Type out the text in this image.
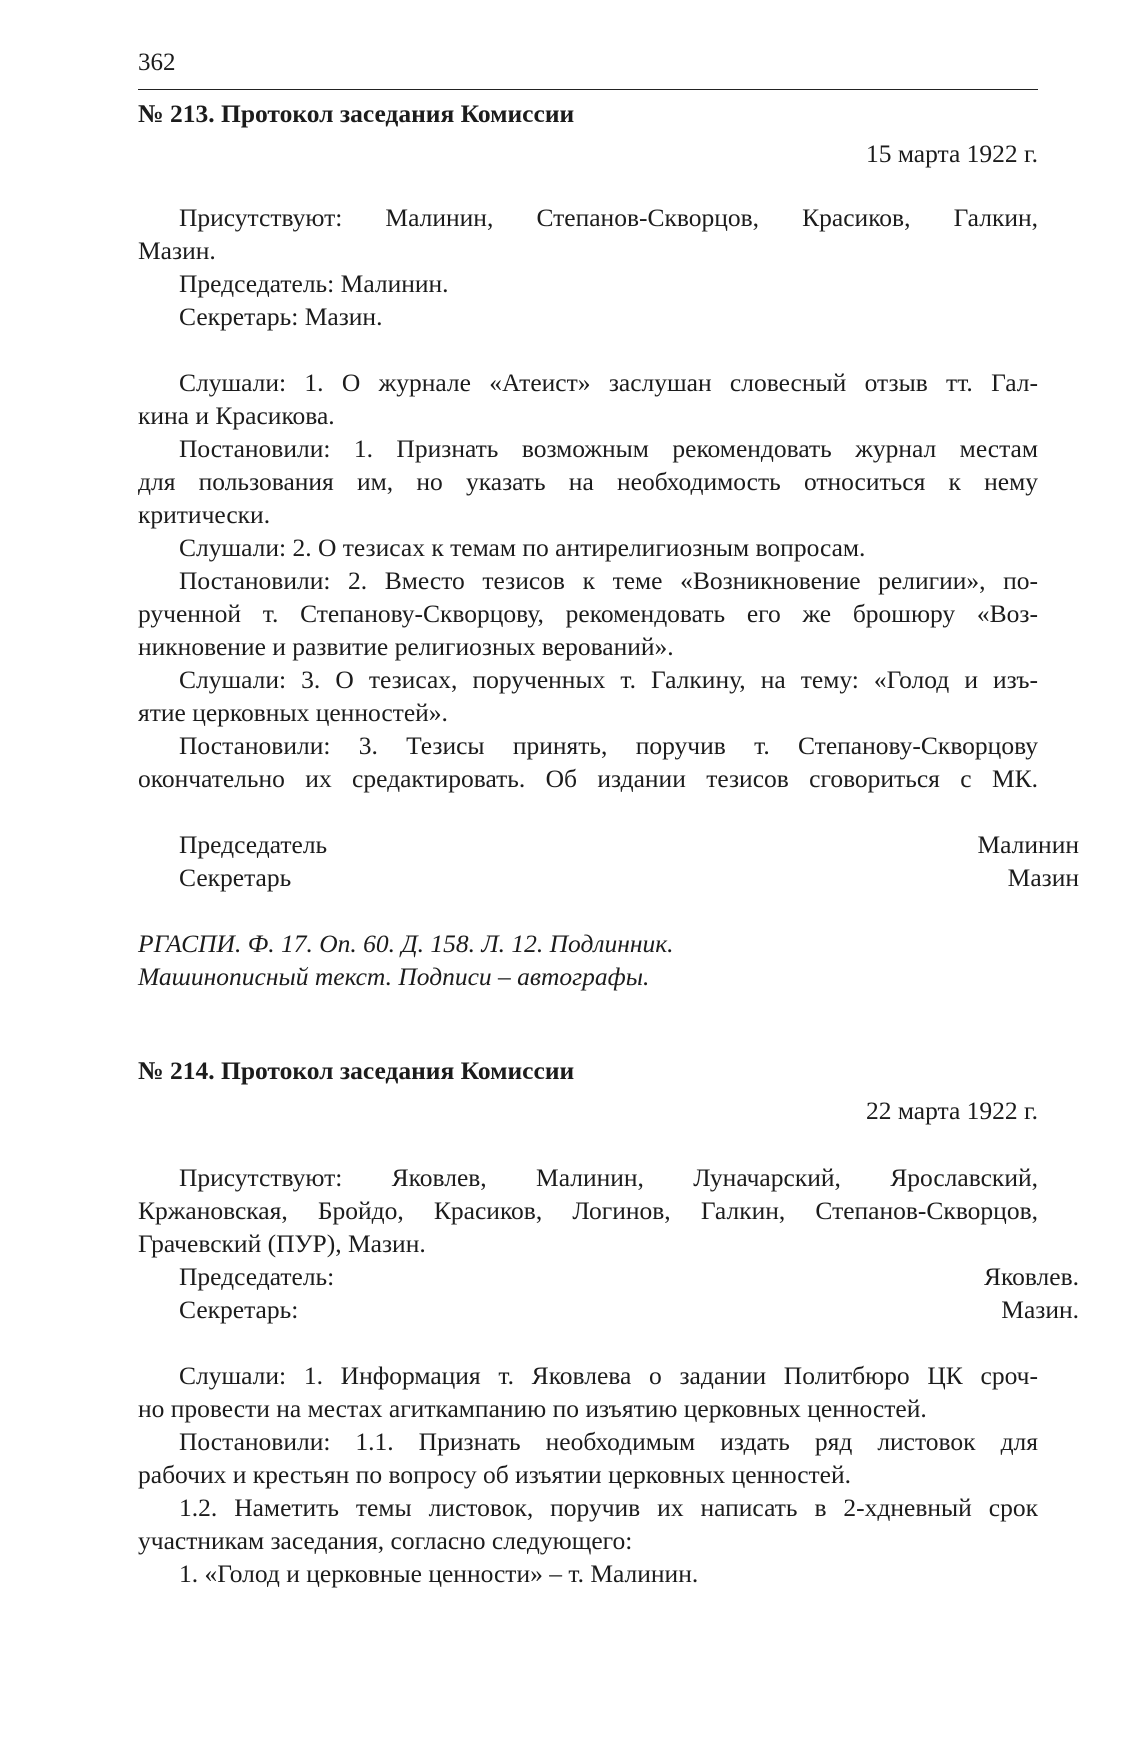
362
№ 213. Протокол заседания Комиссии
15 марта 1922 г.
Присутствуют: Малинин, Степанов-Скворцов, Красиков, Галкин,
Мазин.
Председатель: Малинин.
Секретарь: Мазин.
Слушали: 1. О журнале «Атеист» заслушан словесный отзыв тт. Гал-
кина и Красикова.
Постановили: 1. Признать возможным рекомендовать журнал местам
для пользования им, но указать на необходимость относиться к нему
критически.
Слушали: 2. О тезисах к темам по антирелигиозным вопросам.
Постановили: 2. Вместо тезисов к теме «Возникновение религии», по-
рученной т. Степанову-Скворцову, рекомендовать его же брошюру «Воз-
никновение и развитие религиозных верований».
Слушали: 3. О тезисах, порученных т. Галкину, на тему: «Голод и изъ-
ятие церковных ценностей».
Постановили: 3. Тезисы принять, поручив т. Степанову-Скворцову
окончательно их средактировать. Об издании тезисов сговориться с МК.
Председатель	Малинин
Секретарь	Мазин
РГАСПИ. Ф. 17. Оп. 60. Д. 158. Л. 12. Подлинник.
Машинописный текст. Подписи – автографы.
№ 214. Протокол заседания Комиссии
22 марта 1922 г.
Присутствуют: Яковлев, Малинин, Луначарский, Ярославский,
Кржановская, Бройдо, Красиков, Логинов, Галкин, Степанов-Скворцов,
Грачевский (ПУР), Мазин.
Председатель:	Яковлев.
Секретарь:	Мазин.
Слушали: 1. Информация т. Яковлева о задании Политбюро ЦК сроч-
но провести на местах агиткампанию по изъятию церковных ценностей.
Постановили: 1.1. Признать необходимым издать ряд листовок для
рабочих и крестьян по вопросу об изъятии церковных ценностей.
1.2. Наметить темы листовок, поручив их написать в 2-хдневный срок
участникам заседания, согласно следующего:
1. «Голод и церковные ценности» – т. Малинин.
